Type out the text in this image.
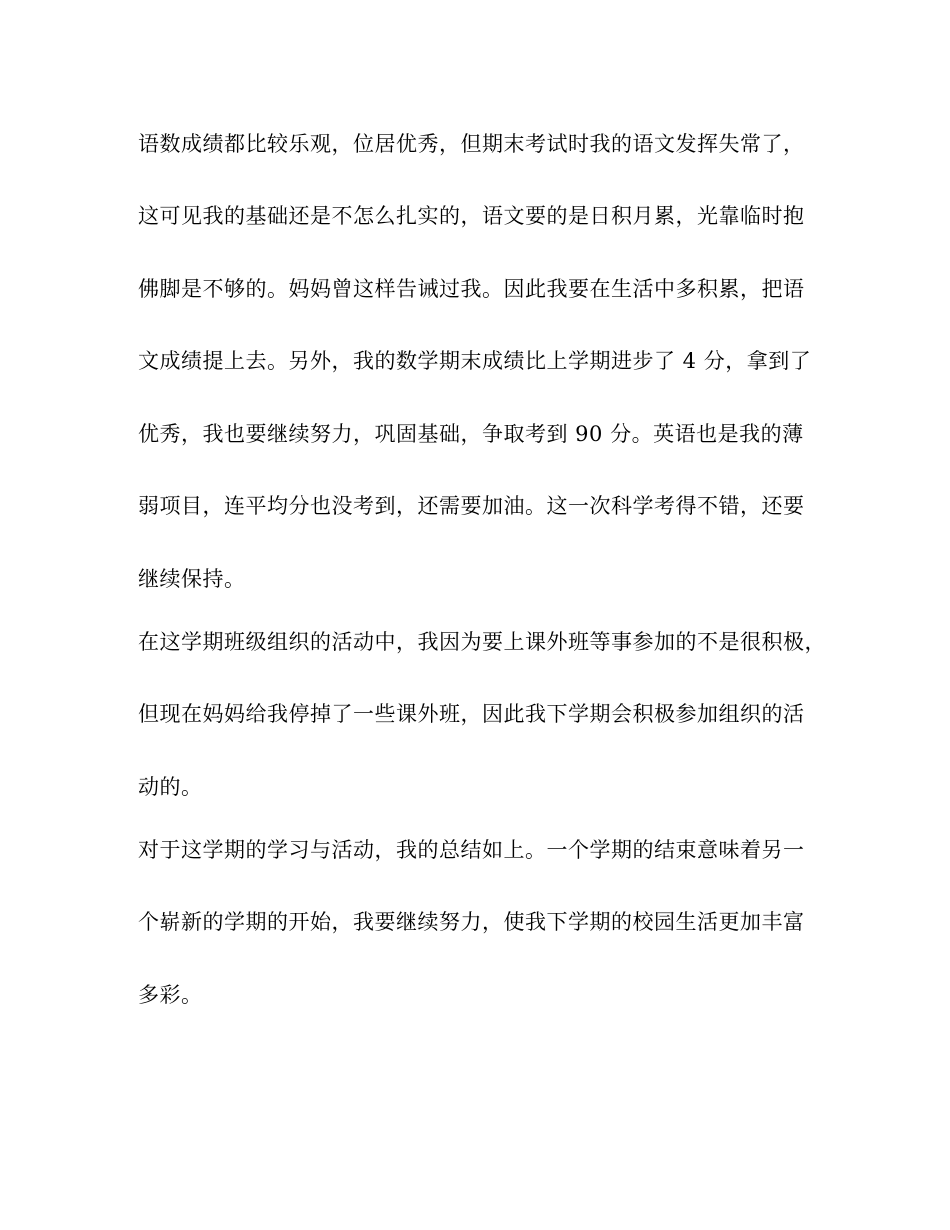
语数成绩都比较乐观，位居优秀，但期末考试时我的语文发挥失常了，
这可见我的基础还是不怎么扎实的，语文要的是日积月累，光靠临时抱
佛脚是不够的。妈妈曾这样告诫过我。因此我要在生活中多积累，把语
文成绩提上去。另外，我的数学期末成绩比上学期进步了 4 分，拿到了
优秀，我也要继续努力，巩固基础，争取考到 90 分。英语也是我的薄
弱项目，连平均分也没考到，还需要加油。这一次科学考得不错，还要
继续保持。
在这学期班级组织的活动中，我因为要上课外班等事参加的不是很积极，
但现在妈妈给我停掉了一些课外班，因此我下学期会积极参加组织的活
动的。
对于这学期的学习与活动，我的总结如上。一个学期的结束意味着另一
个崭新的学期的开始，我要继续努力，使我下学期的校园生活更加丰富
多彩。
